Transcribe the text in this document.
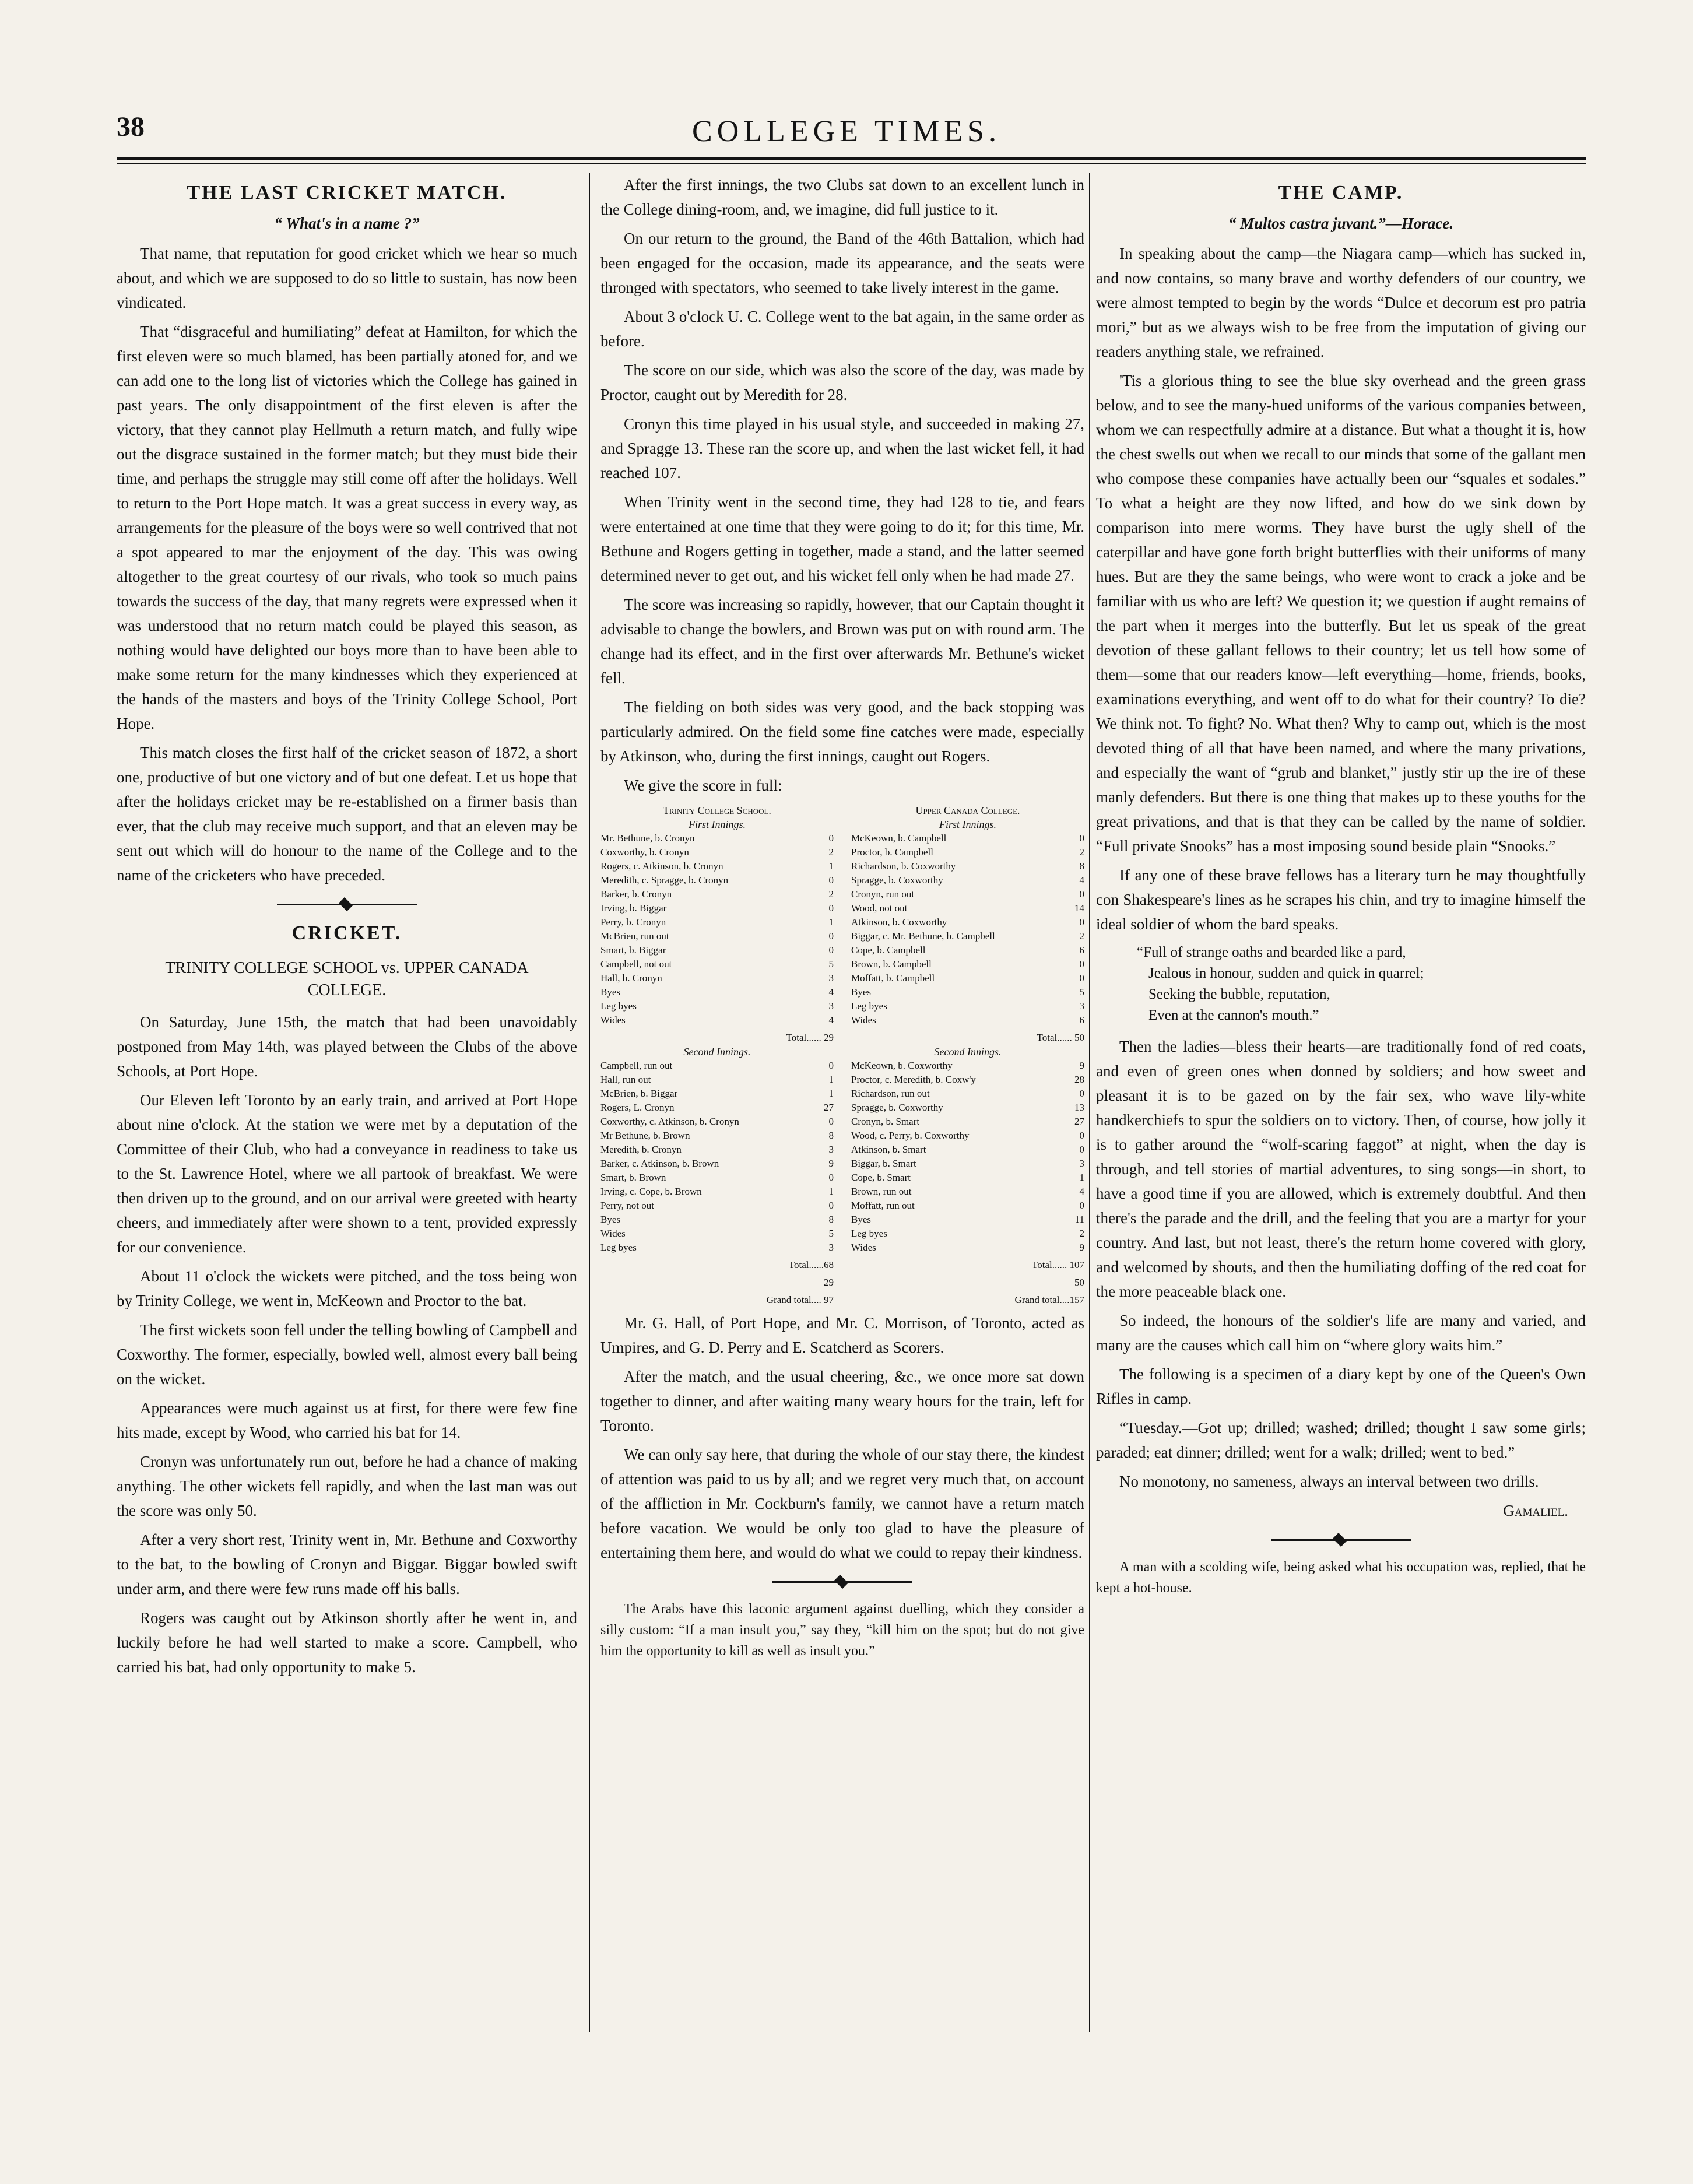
38	COLLEGE TIMES.
THE LAST CRICKET MATCH.
“ What's in a name ?”

That name, that reputation for good cricket which we hear so much about, and which we are supposed to do so little to sustain, has now been vindicated.

That “disgraceful and humiliating” defeat at Hamilton, for which the first eleven were so much blamed, has been partially atoned for, and we can add one to the long list of victories which the College has gained in past years. The only disappointment of the first eleven is after the victory, that they cannot play Hellmuth a return match, and fully wipe out the disgrace sustained in the former match; but they must bide their time, and perhaps the struggle may still come off after the holidays. Well to return to the Port Hope match. It was a great success in every way, as arrangements for the pleasure of the boys were so well contrived that not a spot appeared to mar the enjoyment of the day. This was owing altogether to the great courtesy of our rivals, who took so much pains towards the success of the day, that many regrets were expressed when it was understood that no return match could be played this season, as nothing would have delighted our boys more than to have been able to make some return for the many kindnesses which they experienced at the hands of the masters and boys of the Trinity College School, Port Hope.

This match closes the first half of the cricket season of 1872, a short one, productive of but one victory and of but one defeat. Let us hope that after the holidays cricket may be re-established on a firmer basis than ever, that the club may receive much support, and that an eleven may be sent out which will do honour to the name of the College and to the name of the cricketers who have preceded.

CRICKET.
TRINITY COLLEGE SCHOOL vs. UPPER CANADA COLLEGE.

On Saturday, June 15th, the match that had been unavoidably postponed from May 14th, was played between the Clubs of the above Schools, at Port Hope.

Our Eleven left Toronto by an early train, and arrived at Port Hope about nine o'clock. At the station we were met by a deputation of the Committee of their Club, who had a conveyance in readiness to take us to the St. Lawrence Hotel, where we all partook of breakfast. We were then driven up to the ground, and on our arrival were greeted with hearty cheers, and immediately after were shown to a tent, provided expressly for our convenience.

About 11 o'clock the wickets were pitched, and the toss being won by Trinity College, we went in, McKeown and Proctor to the bat.

The first wickets soon fell under the telling bowling of Campbell and Coxworthy. The former, especially, bowled well, almost every ball being on the wicket.

Appearances were much against us at first, for there were few fine hits made, except by Wood, who carried his bat for 14.

Cronyn was unfortunately run out, before he had a chance of making anything. The other wickets fell rapidly, and when the last man was out the score was only 50.

After a very short rest, Trinity went in, Mr. Bethune and Coxworthy to the bat, to the bowling of Cronyn and Biggar. Biggar bowled swift under arm, and there were few runs made off his balls.

Rogers was caught out by Atkinson shortly after he went in, and luckily before he had well started to make a score. Campbell, who carried his bat, had only opportunity to make 5.

After the first innings, the two Clubs sat down to an excellent lunch in the College dining-room, and, we imagine, did full justice to it.

On our return to the ground, the Band of the 46th Battalion, which had been engaged for the occasion, made its appearance, and the seats were thronged with spectators, who seemed to take lively interest in the game.

About 3 o'clock U. C. College went to the bat again, in the same order as before.

The score on our side, which was also the score of the day, was made by Proctor, caught out by Meredith for 28.

Cronyn this time played in his usual style, and succeeded in making 27, and Spragge 13. These ran the score up, and when the last wicket fell, it had reached 107.

When Trinity went in the second time, they had 128 to tie, and fears were entertained at one time that they were going to do it; for this time, Mr. Bethune and Rogers getting in together, made a stand, and the latter seemed determined never to get out, and his wicket fell only when he had made 27.

The score was increasing so rapidly, however, that our Captain thought it advisable to change the bowlers, and Brown was put on with round arm. The change had its effect, and in the first over afterwards Mr. Bethune's wicket fell.

The fielding on both sides was very good, and the back stopping was particularly admired. On the field some fine catches were made, especially by Atkinson, who, during the first innings, caught out Rogers.

We give the score in full:

Trinity College School.
First Innings.
Mr. Bethune, b. Cronyn	0
Coxworthy, b. Cronyn	2
Rogers, c. Atkinson, b. Cronyn	1
Meredith, c. Spragge, b. Cronyn	0
Barker, b. Cronyn	2
Irving, b. Biggar	0
Perry, b. Cronyn	1
McBrien, run out	0
Smart, b. Biggar	0
Campbell, not out	5
Hall, b. Cronyn	3
Byes	4
Leg byes	3
Wides	4
Total...... 29
Second Innings.
Campbell, run out	0
Hall, run out	1
McBrien, b. Biggar	1
Rogers, L. Cronyn	27
Coxworthy, c. Atkinson, b. Cronyn	0
Mr Bethune, b. Brown	8
Meredith, b. Cronyn	3
Barker, c. Atkinson, b. Brown	9
Smart, b. Brown	0
Irving, c. Cope, b. Brown	1
Perry, not out	0
Byes	8
Wides	5
Leg byes	3
Total......68
29
Grand total.... 97
Upper Canada College.
First Innings.
McKeown, b. Campbell	0
Proctor, b. Campbell	2
Richardson, b. Coxworthy	8
Spragge, b. Coxworthy	4
Cronyn, run out	0
Wood, not out	14
Atkinson, b. Coxworthy	0
Biggar, c. Mr. Bethune, b. Campbell	2
Cope, b. Campbell	6
Brown, b. Campbell	0
Moffatt, b. Campbell	0
Byes	5
Leg byes	3
Wides	6
Total...... 50
Second Innings.
McKeown, b. Coxworthy	9
Proctor, c. Meredith, b. Coxw'y	28
Richardson, run out	0
Spragge, b. Coxworthy	13
Cronyn, b. Smart	27
Wood, c. Perry, b. Coxworthy	0
Atkinson, b. Smart	0
Biggar, b. Smart	3
Cope, b. Smart	1
Brown, run out	4
Moffatt, run out	0
Byes	11
Leg byes	2
Wides	9
Total...... 107
50
Grand total....157

Mr. G. Hall, of Port Hope, and Mr. C. Morrison, of Toronto, acted as Umpires, and G. D. Perry and E. Scatcherd as Scorers.

After the match, and the usual cheering, &c., we once more sat down together to dinner, and after waiting many weary hours for the train, left for Toronto.

We can only say here, that during the whole of our stay there, the kindest of attention was paid to us by all; and we regret very much that, on account of the affliction in Mr. Cockburn's family, we cannot have a return match before vacation. We would be only too glad to have the pleasure of entertaining them here, and would do what we could to repay their kindness.

The Arabs have this laconic argument against duelling, which they consider a silly custom: “If a man insult you,” say they, “kill him on the spot; but do not give him the opportunity to kill as well as insult you.”

THE CAMP.
“ Multos castra juvant.”—Horace.

In speaking about the camp—the Niagara camp—which has sucked in, and now contains, so many brave and worthy defenders of our country, we were almost tempted to begin by the words “Dulce et decorum est pro patria mori,” but as we always wish to be free from the imputation of giving our readers anything stale, we refrained.

'Tis a glorious thing to see the blue sky overhead and the green grass below, and to see the many-hued uniforms of the various companies between, whom we can respectfully admire at a distance. But what a thought it is, how the chest swells out when we recall to our minds that some of the gallant men who compose these companies have actually been our “squales et sodales.” To what a height are they now lifted, and how do we sink down by comparison into mere worms. They have burst the ugly shell of the caterpillar and have gone forth bright butterflies with their uniforms of many hues. But are they the same beings, who were wont to crack a joke and be familiar with us who are left? We question it; we question if aught remains of the part when it merges into the butterfly. But let us speak of the great devotion of these gallant fellows to their country; let us tell how some of them—some that our readers know—left everything—home, friends, books, examinations everything, and went off to do what for their country? To die? We think not. To fight? No. What then? Why to camp out, which is the most devoted thing of all that have been named, and where the many privations, and especially the want of “grub and blanket,” justly stir up the ire of these manly defenders. But there is one thing that makes up to these youths for the great privations, and that is that they can be called by the name of soldier. “Full private Snooks” has a most imposing sound beside plain “Snooks.”

If any one of these brave fellows has a literary turn he may thoughtfully con Shakespeare's lines as he scrapes his chin, and try to imagine himself the ideal soldier of whom the bard speaks.

“Full of strange oaths and bearded like a pard,
Jealous in honour, sudden and quick in quarrel;
Seeking the bubble, reputation,
Even at the cannon's mouth.”

Then the ladies—bless their hearts—are traditionally fond of red coats, and even of green ones when donned by soldiers; and how sweet and pleasant it is to be gazed on by the fair sex, who wave lily-white handkerchiefs to spur the soldiers on to victory. Then, of course, how jolly it is to gather around the “wolf-scaring faggot” at night, when the day is through, and tell stories of martial adventures, to sing songs—in short, to have a good time if you are allowed, which is extremely doubtful. And then there's the parade and the drill, and the feeling that you are a martyr for your country. And last, but not least, there's the return home covered with glory, and welcomed by shouts, and then the humiliating doffing of the red coat for the more peaceable black one.

So indeed, the honours of the soldier's life are many and varied, and many are the causes which call him on “where glory waits him.”

The following is a specimen of a diary kept by one of the Queen's Own Rifles in camp.

“Tuesday.—Got up; drilled; washed; drilled; thought I saw some girls; paraded; eat dinner; drilled; went for a walk; drilled; went to bed.”

No monotony, no sameness, always an interval between two drills.

Gamaliel.

A man with a scolding wife, being asked what his occupation was, replied, that he kept a hot-house.
